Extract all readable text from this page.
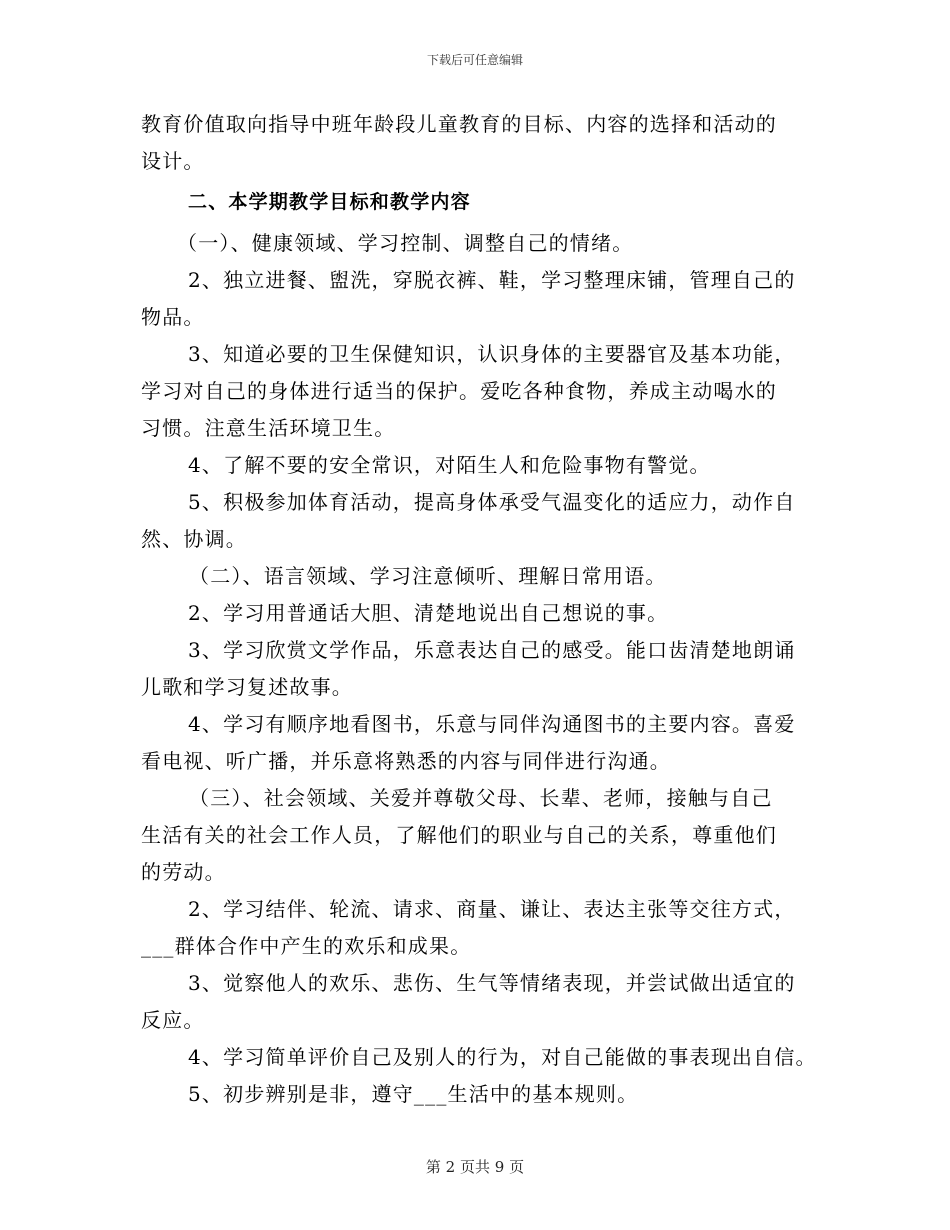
下载后可任意编辑
教育价值取向指导中班年龄段儿童教育的目标、内容的选择和活动的
设计。
二、本学期教学目标和教学内容
（一）、健康领域、学习控制、调整自己的情绪。
2、独立进餐、盥洗，穿脱衣裤、鞋，学习整理床铺，管理自己的
物品。
3、知道必要的卫生保健知识，认识身体的主要器官及基本功能，
学习对自己的身体进行适当的保护。爱吃各种食物，养成主动喝水的
习惯。注意生活环境卫生。
4、了解不要的安全常识，对陌生人和危险事物有警觉。
5、积极参加体育活动，提高身体承受气温变化的适应力，动作自
然、协调。
（二）、语言领域、学习注意倾听、理解日常用语。
2、学习用普通话大胆、清楚地说出自己想说的事。
3、学习欣赏文学作品，乐意表达自己的感受。能口齿清楚地朗诵
儿歌和学习复述故事。
4、学习有顺序地看图书，乐意与同伴沟通图书的主要内容。喜爱
看电视、听广播，并乐意将熟悉的内容与同伴进行沟通。
（三）、社会领域、关爱并尊敬父母、长辈、老师，接触与自己
生活有关的社会工作人员，了解他们的职业与自己的关系，尊重他们
的劳动。
2、学习结伴、轮流、请求、商量、谦让、表达主张等交往方式，
___群体合作中产生的欢乐和成果。
3、觉察他人的欢乐、悲伤、生气等情绪表现，并尝试做出适宜的
反应。
4、学习简单评价自己及别人的行为，对自己能做的事表现出自信。
5、初步辨别是非，遵守___生活中的基本规则。
第 2 页共 9 页
